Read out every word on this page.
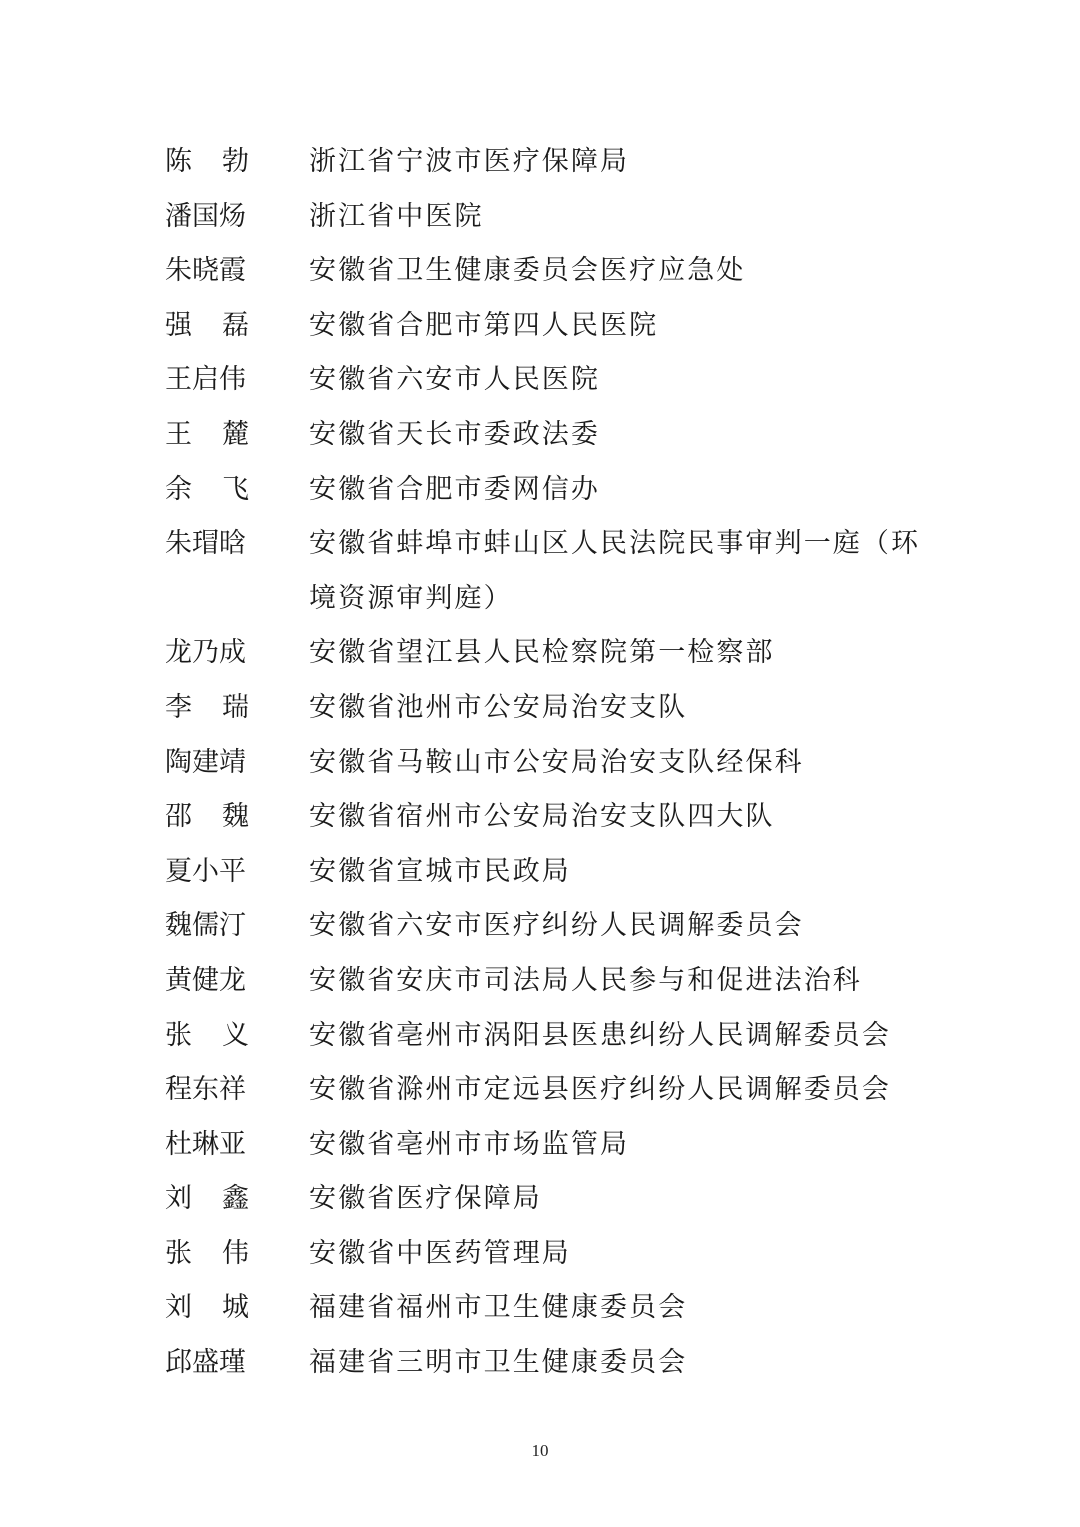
陈 勃 浙江省宁波市医疗保障局
潘国炀 浙江省中医院
朱晓霞 安徽省卫生健康委员会医疗应急处
强 磊 安徽省合肥市第四人民医院
王启伟 安徽省六安市人民医院
王 麓 安徽省天长市委政法委
余 飞 安徽省合肥市委网信办
朱瑁晗 安徽省蚌埠市蚌山区人民法院民事审判一庭（环境资源审判庭）
龙乃成 安徽省望江县人民检察院第一检察部
李 瑞 安徽省池州市公安局治安支队
陶建靖 安徽省马鞍山市公安局治安支队经保科
邵 魏 安徽省宿州市公安局治安支队四大队
夏小平 安徽省宣城市民政局
魏儒汀 安徽省六安市医疗纠纷人民调解委员会
黄健龙 安徽省安庆市司法局人民参与和促进法治科
张 义 安徽省亳州市涡阳县医患纠纷人民调解委员会
程东祥 安徽省滁州市定远县医疗纠纷人民调解委员会
杜琳亚 安徽省亳州市市场监管局
刘 鑫 安徽省医疗保障局
张 伟 安徽省中医药管理局
刘 城 福建省福州市卫生健康委员会
邱盛瑾 福建省三明市卫生健康委员会
10
